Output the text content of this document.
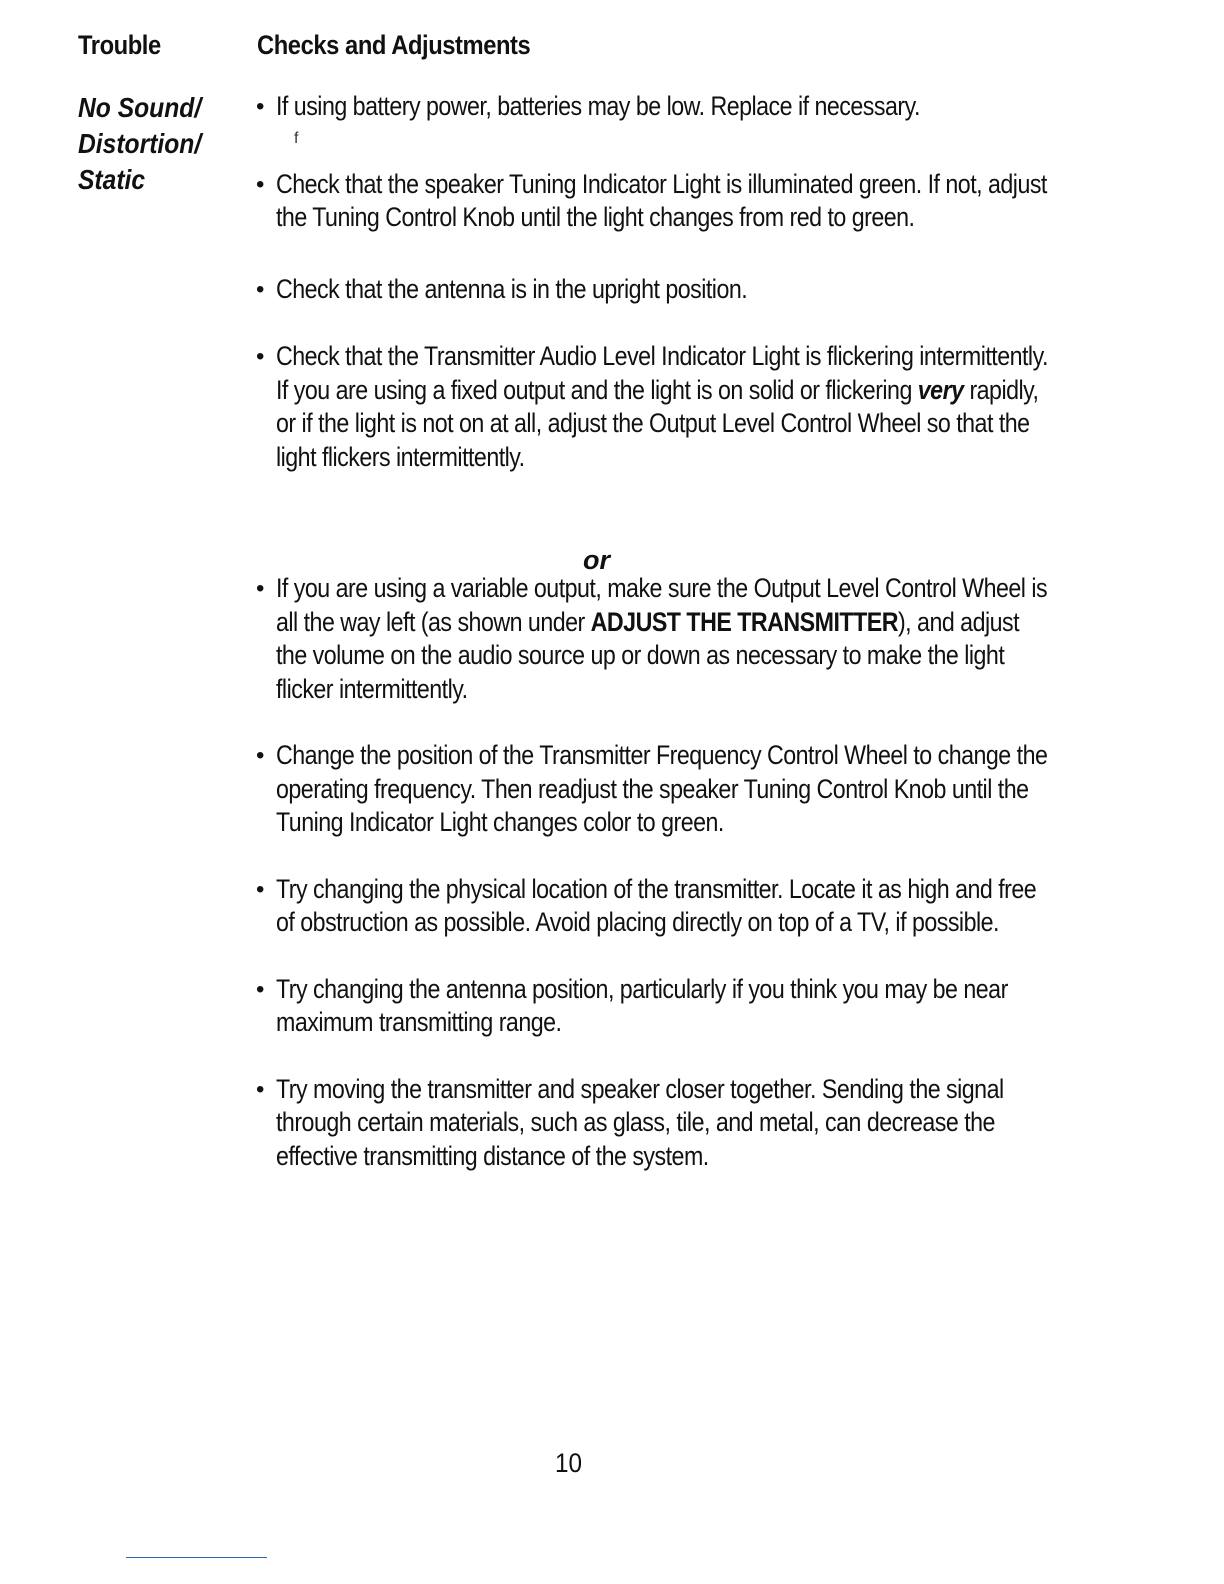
Trouble	Checks and Adjustments
No Sound/
Distortion/
Static
f
• If using battery power, batteries may be low. Replace if necessary.
• Check that the speaker Tuning Indicator Light is illuminated green. If not, adjust the Tuning Control Knob until the light changes from red to green.
• Check that the antenna is in the upright position.
• Check that the Transmitter Audio Level Indicator Light is flickering intermittently. If you are using a fixed output and the light is on solid or flickering very rapidly, or if the light is not on at all, adjust the Output Level Control Wheel so that the light flickers intermittently.
• If you are using a variable output, make sure the Output Level Control Wheel is all the way left (as shown under ADJUST THE TRANSMITTER), and adjust the volume on the audio source up or down as necessary to make the light flicker intermittently.
• Change the position of the Transmitter Frequency Control Wheel to change the operating frequency. Then readjust the speaker Tuning Control Knob until the Tuning Indicator Light changes color to green.
• Try changing the physical location of the transmitter. Locate it as high and free of obstruction as possible. Avoid placing directly on top of a TV, if possible.
• Try changing the antenna position, particularly if you think you may be near maximum transmitting range.
• Try moving the transmitter and speaker closer together. Sending the signal through certain materials, such as glass, tile, and metal, can decrease the effective transmitting distance of the system.
or
10
